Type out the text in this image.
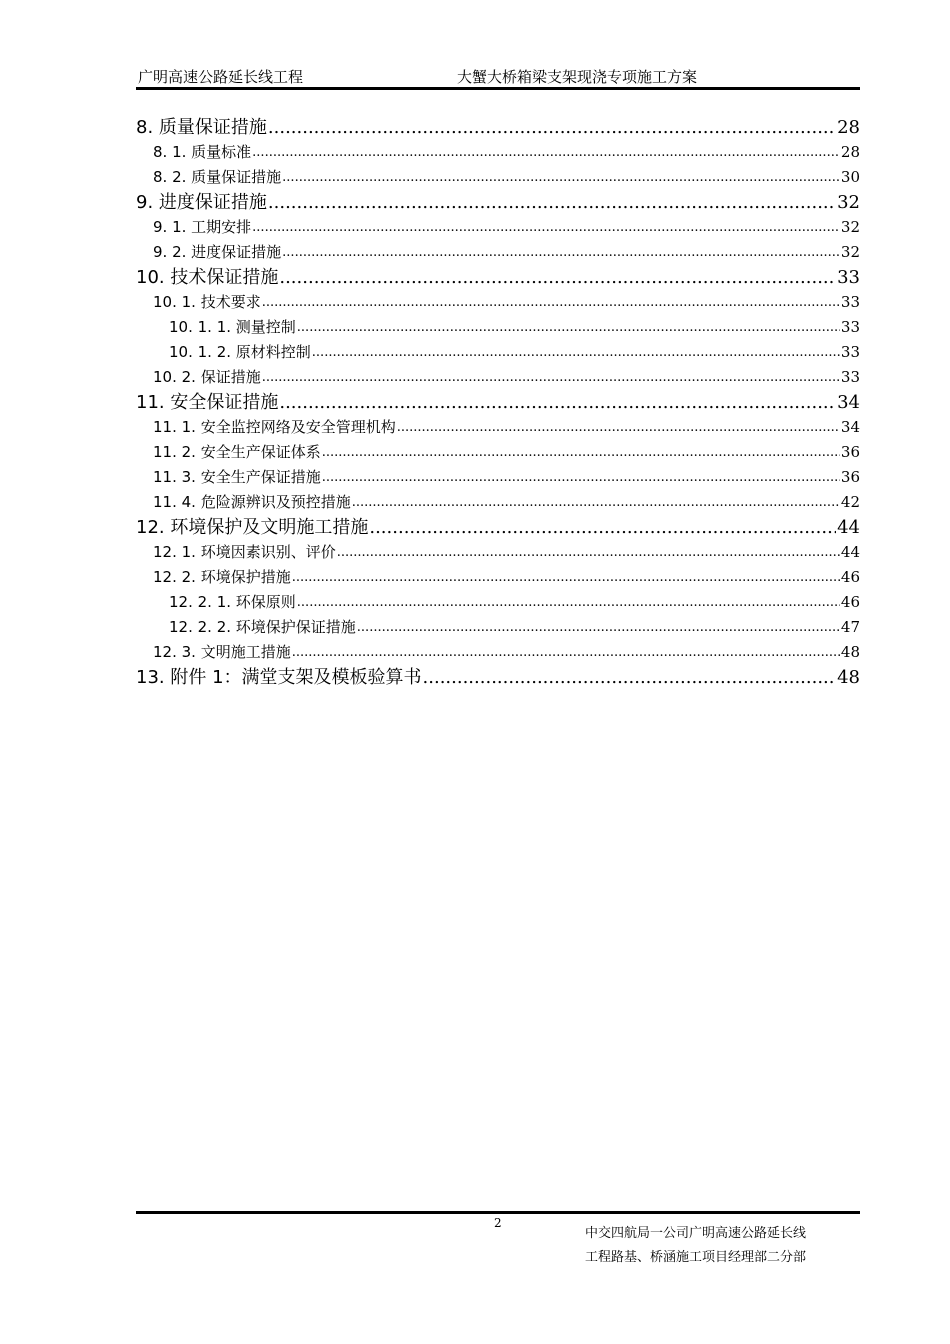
广明高速公路延长线工程	大蟹大桥箱梁支架现浇专项施工方案
8. 质量保证措施 .....	28
8. 1. 质量标准 .....	28
8. 2. 质量保证措施 .....	30
9. 进度保证措施 .....	32
9. 1. 工期安排 .....	32
9. 2. 进度保证措施 .....	32
10. 技术保证措施 .....	33
10. 1. 技术要求 .....	33
10. 1. 1. 测量控制 .....	33
10. 1. 2. 原材料控制 .....	33
10. 2. 保证措施 .....	33
11. 安全保证措施 .....	34
11. 1. 安全监控网络及安全管理机构 .....	34
11. 2. 安全生产保证体系 .....	36
11. 3. 安全生产保证措施 .....	36
11. 4. 危险源辨识及预控措施 .....	42
12. 环境保护及文明施工措施 .....	44
12. 1. 环境因素识别、评价 .....	44
12. 2. 环境保护措施 .....	46
12. 2. 1. 环保原则 .....	46
12. 2. 2. 环境保护保证措施 .....	47
12. 3. 文明施工措施 .....	48
13. 附件 1：满堂支架及模板验算书 .....	48
2
中交四航局一公司广明高速公路延长线
工程路基、桥涵施工项目经理部二分部
